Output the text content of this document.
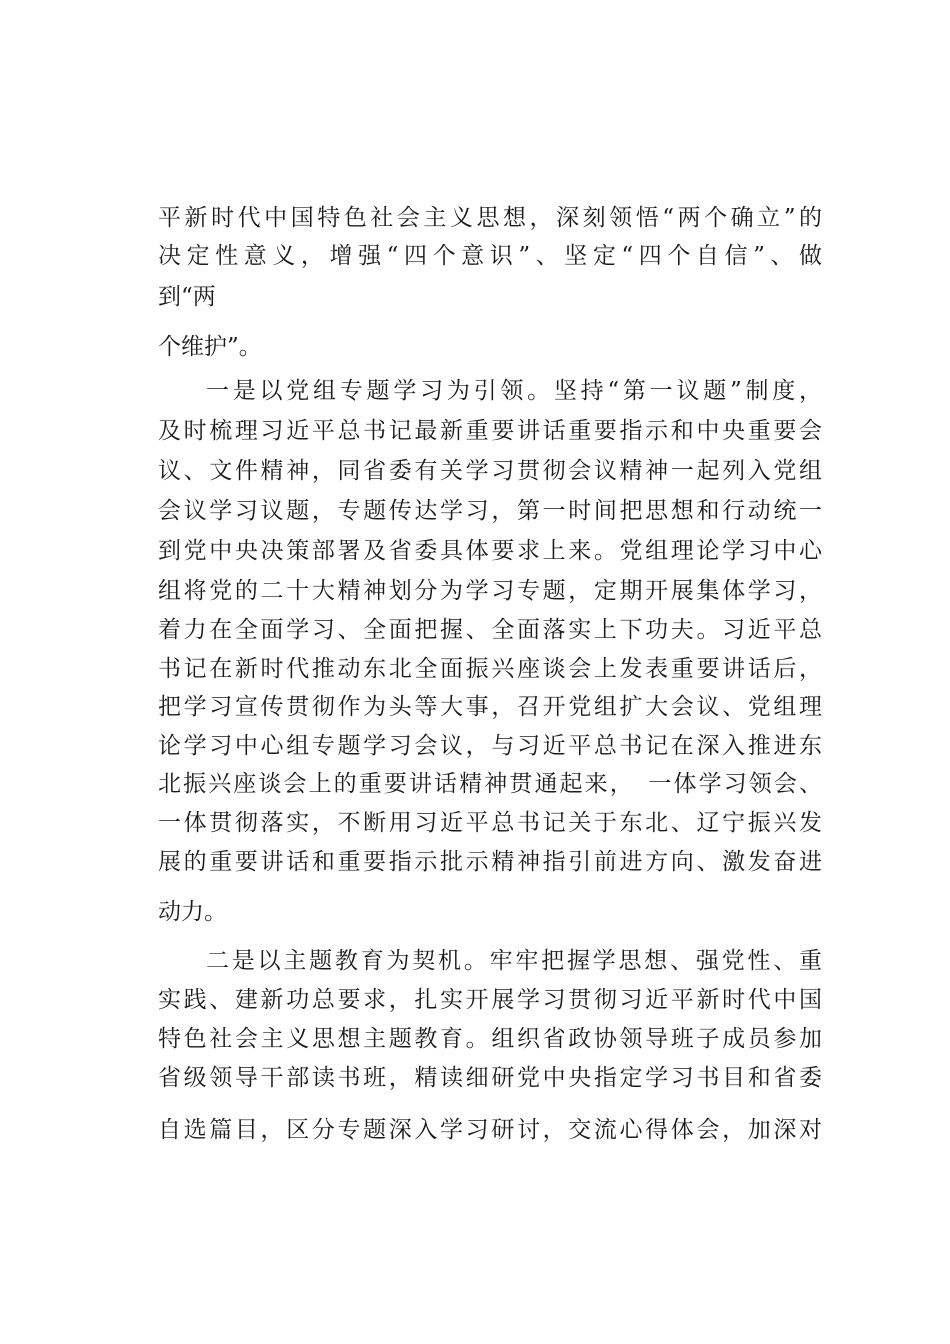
平新时代中国特色社会主义思想，深刻领悟“两个确立”的
决定性意义，增强“四个意识”、坚定“四个自信”、做
到“两
个维护”。
一是以党组专题学习为引领。坚持“第一议题”制度，
及时梳理习近平总书记最新重要讲话重要指示和中央重要会
议、文件精神，同省委有关学习贯彻会议精神一起列入党组
会议学习议题，专题传达学习，第一时间把思想和行动统一
到党中央决策部署及省委具体要求上来。党组理论学习中心
组将党的二十大精神划分为学习专题，定期开展集体学习，
着力在全面学习、全面把握、全面落实上下功夫。习近平总
书记在新时代推动东北全面振兴座谈会上发表重要讲话后，
把学习宣传贯彻作为头等大事，召开党组扩大会议、党组理
论学习中心组专题学习会议，与习近平总书记在深入推进东
北振兴座谈会上的重要讲话精神贯通起来，　一体学习领会、
一体贯彻落实，不断用习近平总书记关于东北、辽宁振兴发
展的重要讲话和重要指示批示精神指引前进方向、激发奋进
动力。
二是以主题教育为契机。牢牢把握学思想、强党性、重
实践、建新功总要求，扎实开展学习贯彻习近平新时代中国
特色社会主义思想主题教育。组织省政协领导班子成员参加
省级领导干部读书班，精读细研党中央指定学习书目和省委
自选篇目，区分专题深入学习研讨，交流心得体会，加深对
